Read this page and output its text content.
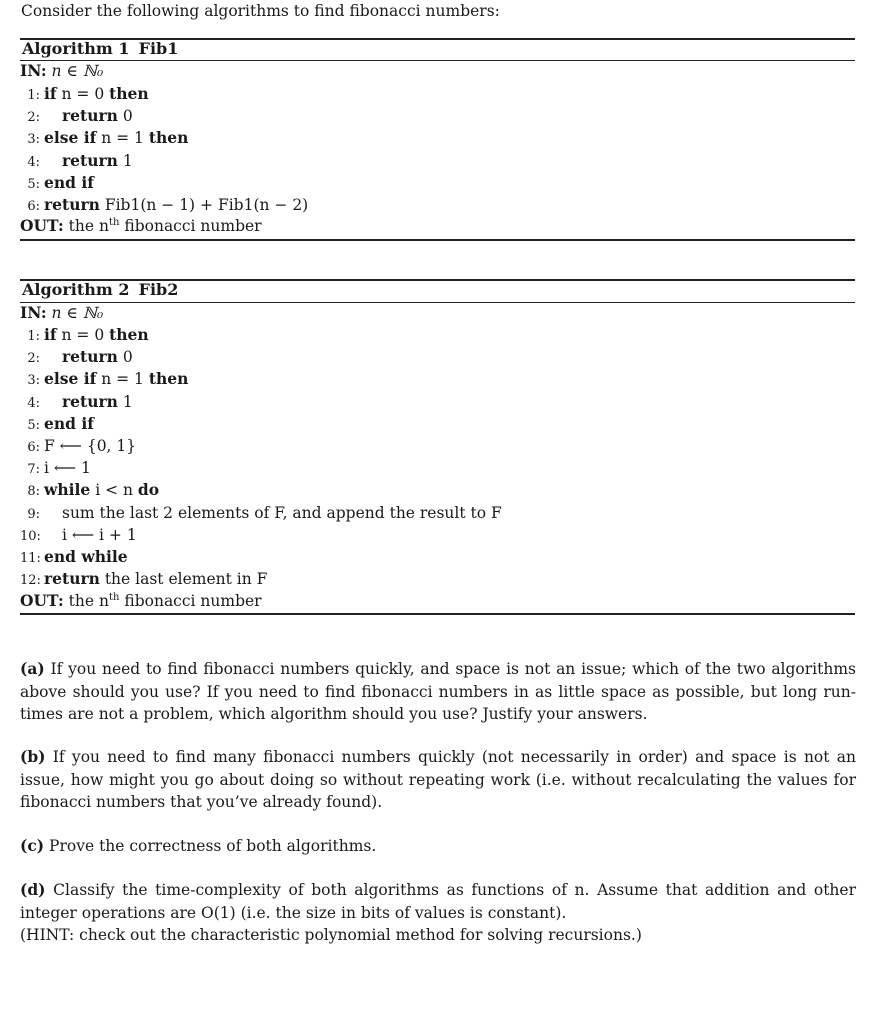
Consider the following algorithms to find fibonacci numbers:
Algorithm 1 Fib1
IN: n ∈ ℕ₀
1: if n = 0 then
2: return 0
3: else if n = 1 then
4: return 1
5: end if
6: return Fib1(n − 1) + Fib1(n − 2)
OUT: the $n^{th}$ fibonacci number
Algorithm 2 Fib2
IN: n ∈ ℕ₀
1: if n = 0 then
2: return 0
3: else if n = 1 then
4: return 1
5: end if
6: F ⟵ {0, 1}
7: i ⟵ 1
8: while i < n do
9: sum the last 2 elements of F, and append the result to F
10: i ⟵ i + 1
11: end while
12: return the last element in F
OUT: the $n^{th}$ fibonacci number
(a) If you need to find fibonacci numbers quickly, and space is not an issue; which of the two algorithms above should you use? If you need to find fibonacci numbers in as little space as possible, but long run-times are not a problem, which algorithm should you use? Justify your answers.
(b) If you need to find many fibonacci numbers quickly (not necessarily in order) and space is not an issue, how might you go about doing so without repeating work (i.e. without recalculating the values for fibonacci numbers that you’ve already found).
(c) Prove the correctness of both algorithms.
(d) Classify the time-complexity of both algorithms as functions of n. Assume that addition and other integer operations are O(1) (i.e. the size in bits of values is constant).
(HINT: check out the characteristic polynomial method for solving recursions.)
